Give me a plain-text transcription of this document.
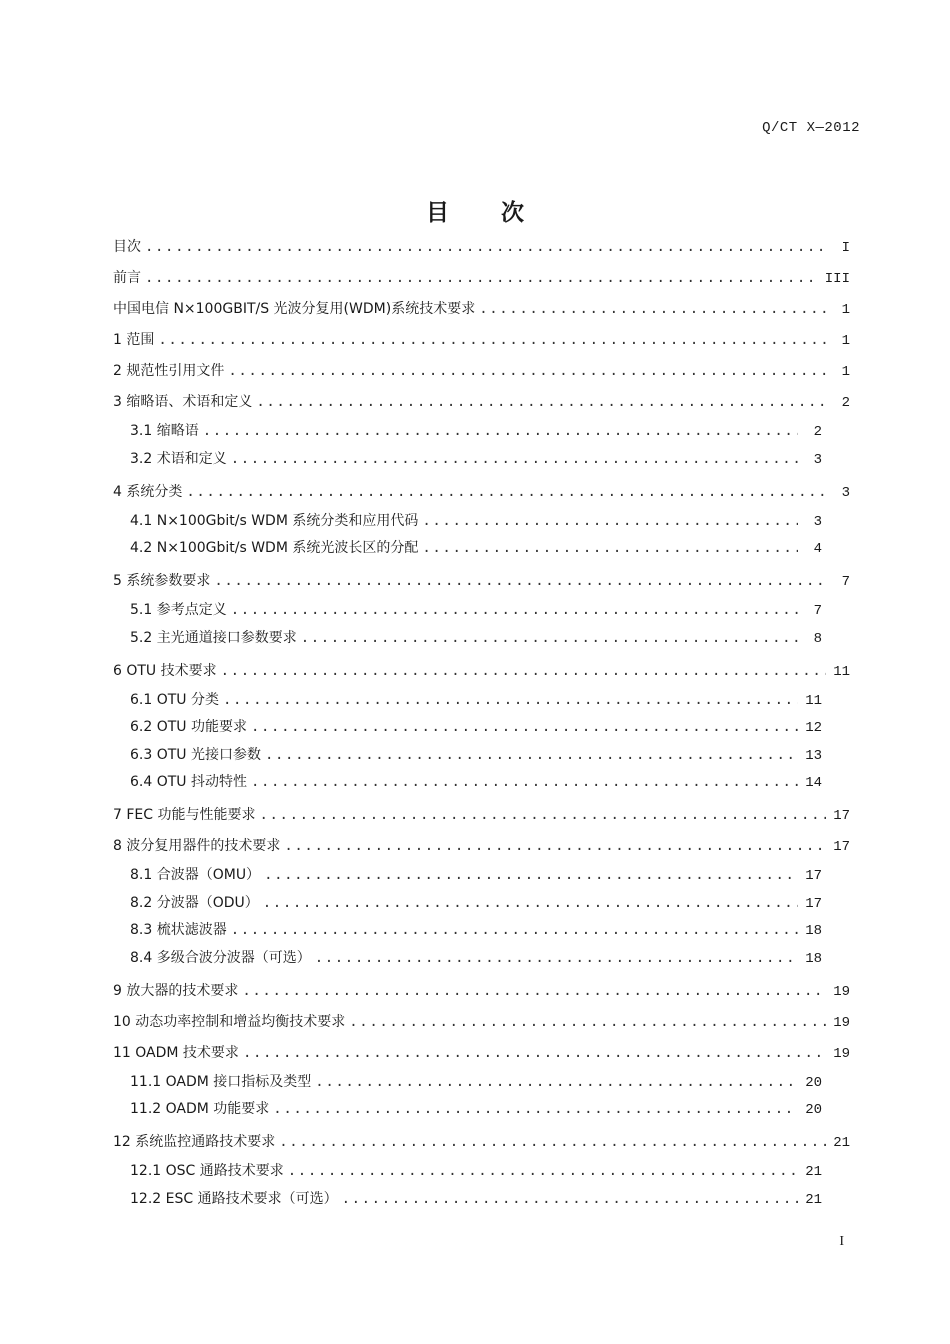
Q/CT X—2012
目次
目次 .....	I
前言 .....	III
中国电信 N×100GBIT/S 光波分复用(WDM)系统技术要求 .....	1
1 范围 .....	1
2 规范性引用文件 .....	1
3 缩略语、术语和定义 .....	2
3.1 缩略语 .....	2
3.2 术语和定义 .....	3
4 系统分类 .....	3
4.1 N×100Gbit/s WDM 系统分类和应用代码 .....	3
4.2 N×100Gbit/s WDM 系统光波长区的分配 .....	4
5 系统参数要求 .....	7
5.1 参考点定义 .....	7
5.2 主光通道接口参数要求 .....	8
6 OTU 技术要求 .....	11
6.1 OTU 分类 .....	11
6.2 OTU 功能要求 .....	12
6.3 OTU 光接口参数 .....	13
6.4 OTU 抖动特性 .....	14
7 FEC 功能与性能要求 .....	17
8 波分复用器件的技术要求 .....	17
8.1 合波器（OMU） .....	17
8.2 分波器（ODU） .....	17
8.3 梳状滤波器 .....	18
8.4 多级合波分波器（可选） .....	18
9 放大器的技术要求 .....	19
10 动态功率控制和增益均衡技术要求 .....	19
11 OADM 技术要求 .....	19
11.1 OADM 接口指标及类型 .....	20
11.2 OADM 功能要求 .....	20
12 系统监控通路技术要求 .....	21
12.1 OSC 通路技术要求 .....	21
12.2 ESC 通路技术要求（可选） .....	21
I
